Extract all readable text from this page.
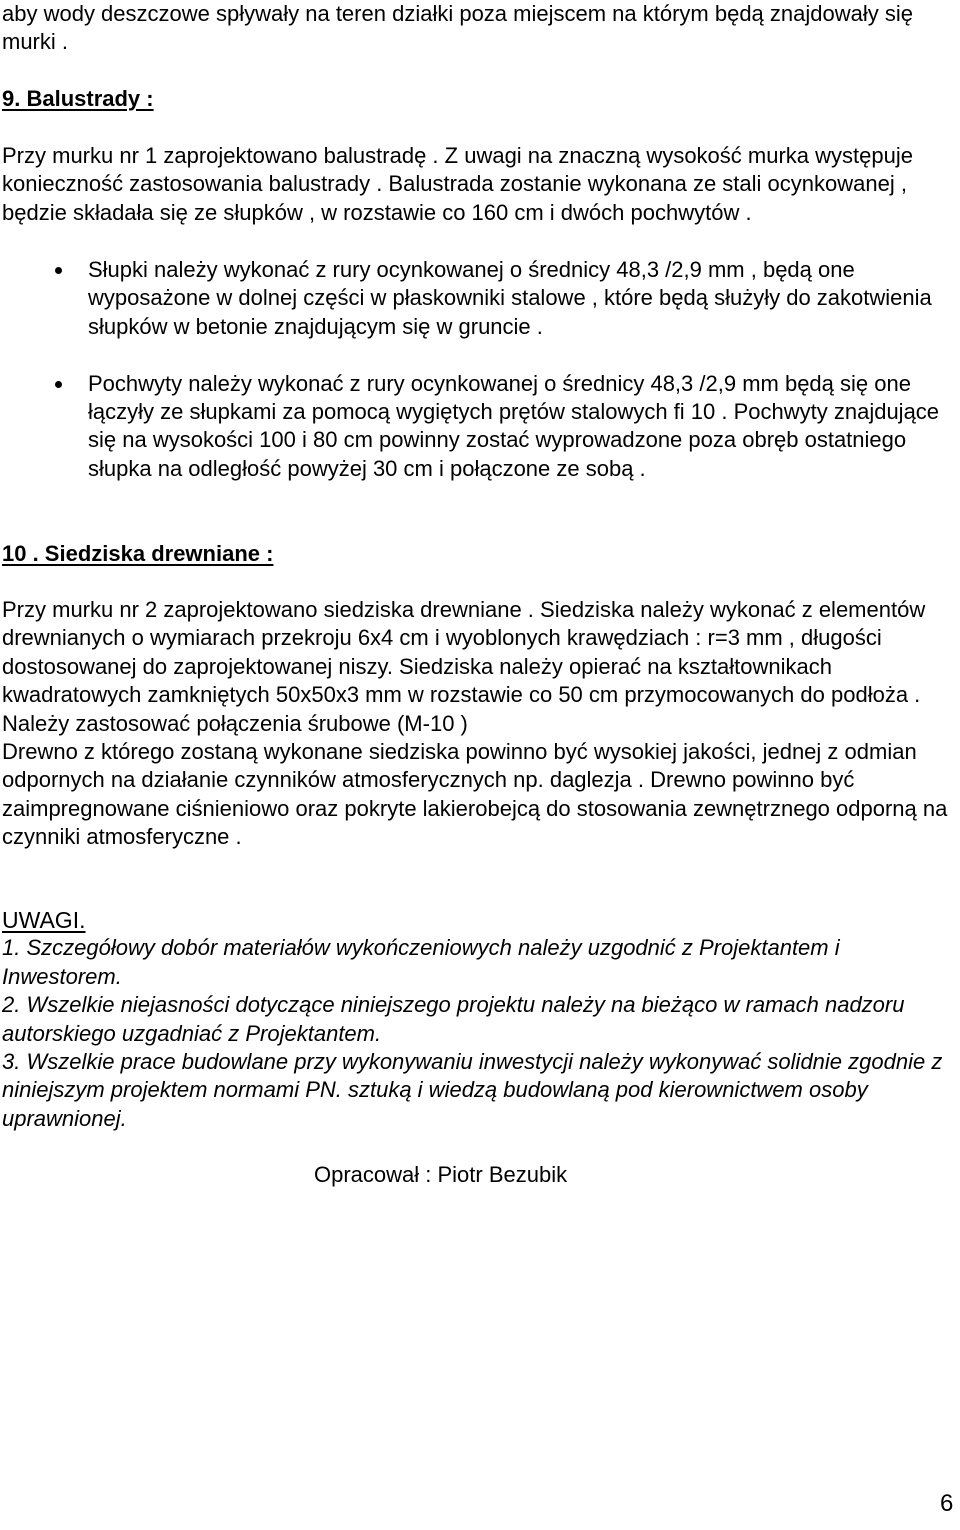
aby wody deszczowe spływały na teren działki poza miejscem na którym będą znajdowały się murki .

9. Balustrady :

Przy murku nr 1 zaprojektowano balustradę . Z uwagi na znaczną wysokość murka występuje konieczność zastosowania balustrady . Balustrada zostanie wykonana ze stali ocynkowanej , będzie składała się ze słupków , w rozstawie co 160 cm i dwóch pochwytów .

Słupki należy wykonać z rury ocynkowanej o średnicy 48,3 /2,9 mm , będą one wyposażone w dolnej części w płaskowniki stalowe , które będą służyły do zakotwienia słupków w betonie znajdującym się w gruncie .
Pochwyty należy wykonać z rury ocynkowanej o średnicy 48,3 /2,9 mm będą się one łączyły ze słupkami za pomocą wygiętych prętów stalowych fi 10 . Pochwyty znajdujące się na wysokości 100 i 80 cm powinny zostać wyprowadzone poza obręb ostatniego słupka na odległość powyżej 30 cm i połączone ze sobą .

10 . Siedziska drewniane :

Przy murku nr 2 zaprojektowano siedziska drewniane . Siedziska należy wykonać z elementów drewnianych o wymiarach przekroju 6x4 cm i wyoblonych krawędziach : r=3 mm , długości dostosowanej do zaprojektowanej niszy. Siedziska należy opierać na kształtownikach kwadratowych zamkniętych 50x50x3 mm w rozstawie co 50 cm przymocowanych do podłoża . Należy zastosować połączenia śrubowe (M-10 )

Drewno z którego zostaną wykonane siedziska powinno być wysokiej jakości, jednej z odmian odpornych na działanie czynników atmosferycznych np. daglezja . Drewno powinno być zaimpregnowane ciśnieniowo oraz pokryte lakierobejcą do stosowania zewnętrznego odporną na czynniki atmosferyczne .

UWAGI.

1. Szczegółowy dobór materiałów wykończeniowych należy uzgodnić z Projektantem i Inwestorem.
2. Wszelkie niejasności dotyczące niniejszego projektu należy na bieżąco w ramach nadzoru autorskiego uzgadniać z Projektantem.
3. Wszelkie prace budowlane przy wykonywaniu inwestycji należy wykonywać solidnie zgodnie z niniejszym projektem normami PN. sztuką i wiedzą budowlaną pod kierownictwem osoby uprawnionej.

Opracował : Piotr Bezubik

6
